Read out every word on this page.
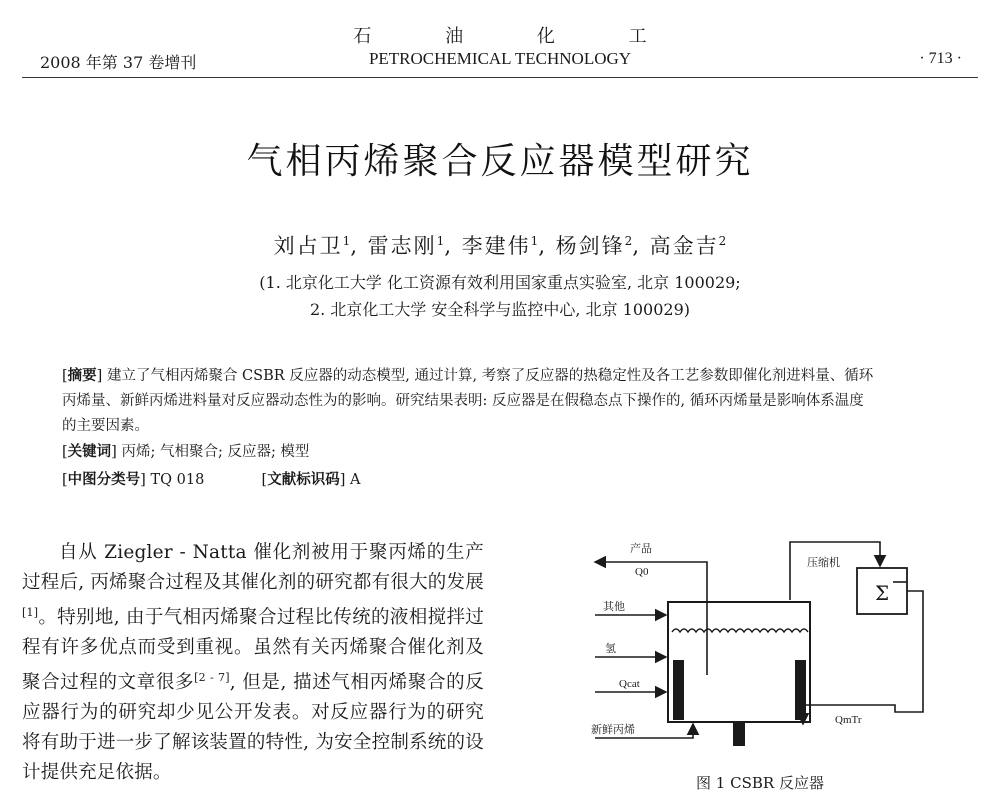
2008 年第 37 卷增刊
石 油 化 工
PETROCHEMICAL TECHNOLOGY	· 713 ·
气相丙烯聚合反应器模型研究
刘占卫$^1$, 雷志刚$^1$, 李建伟$^1$, 杨剑锋$^2$, 高金吉$^2$
(1. 北京化工大学 化工资源有效利用国家重点实验室, 北京 100029;
2. 北京化工大学 安全科学与监控中心, 北京 100029)
[摘要] 建立了气相丙烯聚合 CSBR 反应器的动态模型, 通过计算, 考察了反应器的热稳定性及各工艺参数即催化剂进料量、循环
丙烯量、新鲜丙烯进料量对反应器动态性为的影响。研究结果表明: 反应器是在假稳态点下操作的, 循环丙烯量是影响体系温度
的主要因素。
[关键词] 丙烯; 气相聚合; 反应器; 模型
[中图分类号] TQ 018	[文献标识码] A

自从 Ziegler - Natta 催化剂被用于聚丙烯的生产过程后, 丙烯聚合过程及其催化剂的研究都有很大的发展[1]。特别地, 由于气相丙烯聚合过程比传统的液相搅拌过程有许多优点而受到重视。虽然有关丙烯聚合催化剂及聚合过程的文章很多[2 - 7], 但是, 描述气相丙烯聚合的反应器行为的研究却少见公开发表。对反应器行为的研究将有助于进一步了解该装置的特性, 为安全控制系统的设计提供充足依据。

产品
Q0
压缩机
Σ
其他
氢
Qcat
新鲜丙烯
QmTr
图 1 CSBR 反应器
